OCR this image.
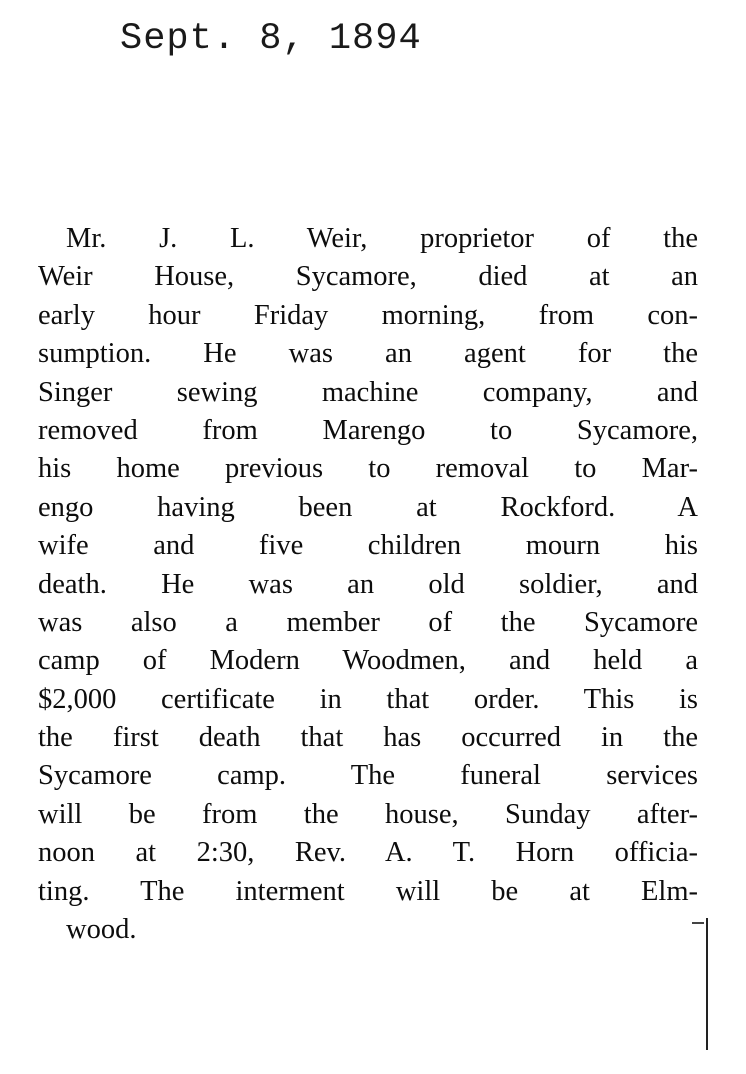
Sept. 8, 1894
Mr. J. L. Weir, proprietor of the
Weir House, Sycamore, died at an
early hour Friday morning, from con-
sumption. He was an agent for the
Singer sewing machine company, and
removed from Marengo to Sycamore,
his home previous to removal to Mar-
engo having been at Rockford. A
wife and five children mourn his
death. He was an old soldier, and
was also a member of the Sycamore
camp of Modern Woodmen, and held a
$2,000 certificate in that order. This is
the first death that has occurred in the
Sycamore camp. The funeral services
will be from the house, Sunday after-
noon at 2:30, Rev. A. T. Horn officia-
ting. The interment will be at Elm-
wood.
